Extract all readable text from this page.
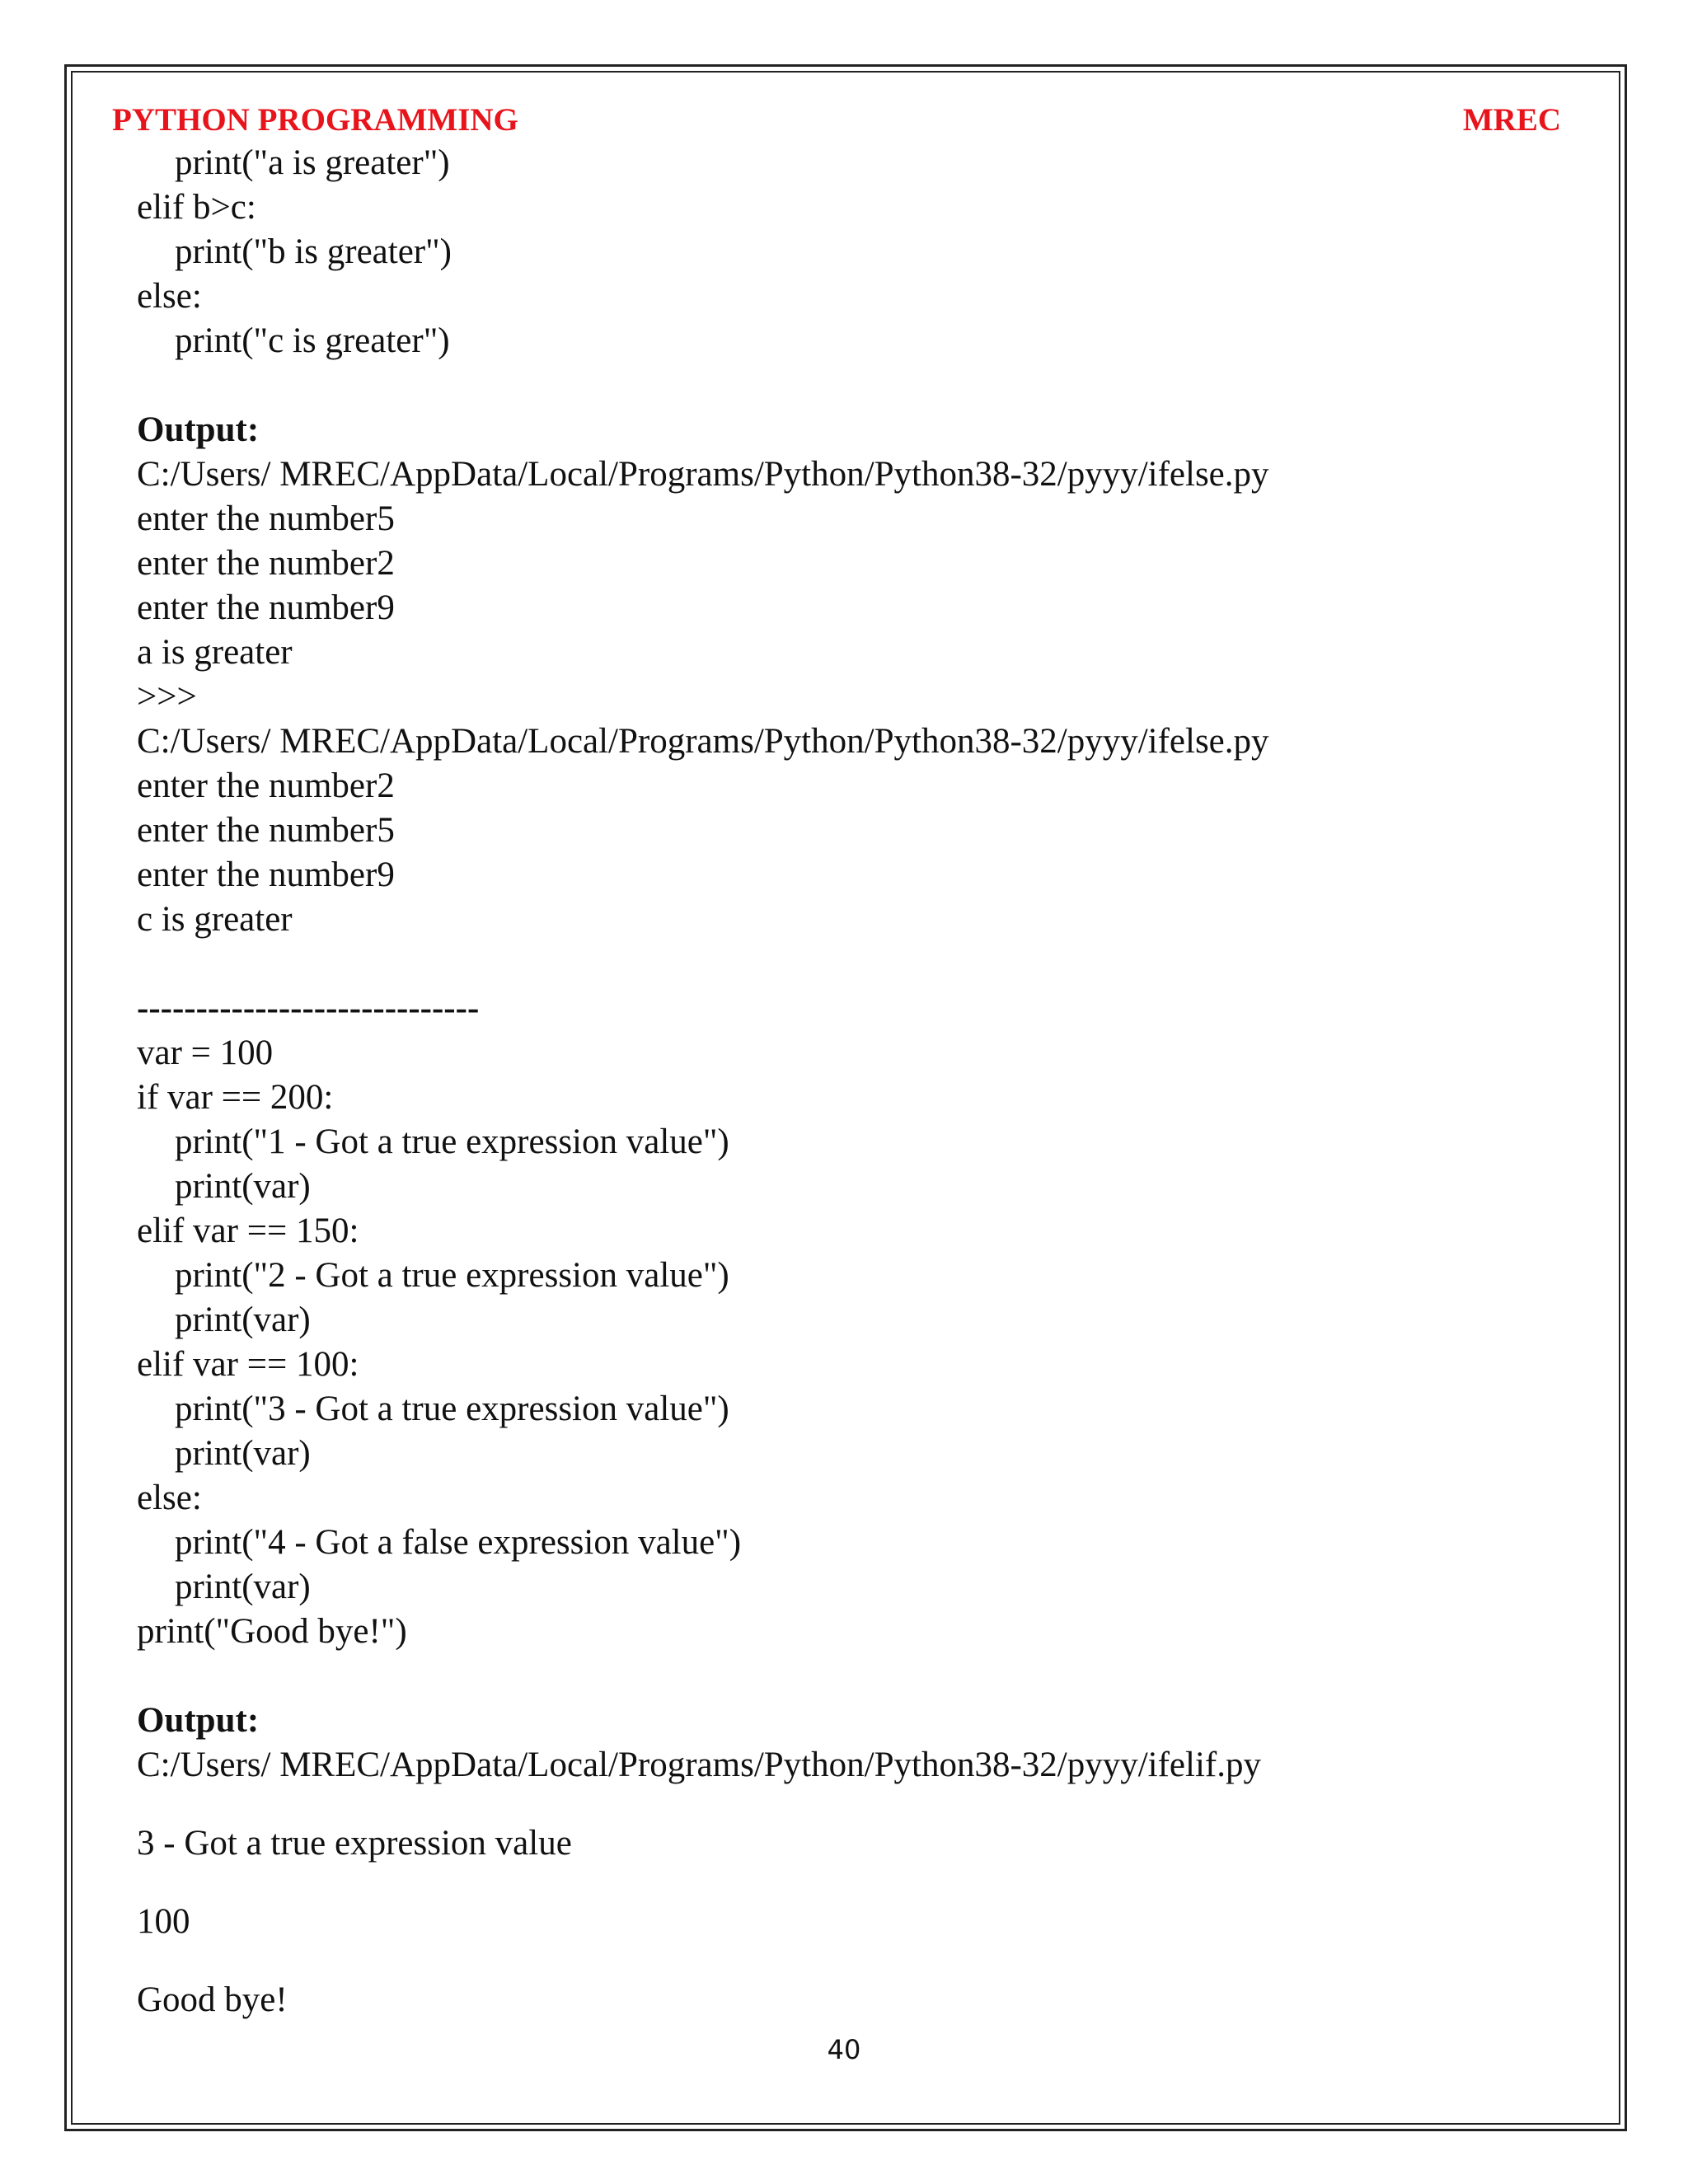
PYTHON PROGRAMMING	MREC
print("a is greater")
elif b>c:
print("b is greater")
else:
print("c is greater")
Output:
C:/Users/ MREC/AppData/Local/Programs/Python/Python38-32/pyyy/ifelse.py
enter the number5
enter the number2
enter the number9
a is greater
>>>
C:/Users/ MREC/AppData/Local/Programs/Python/Python38-32/pyyy/ifelse.py
enter the number2
enter the number5
enter the number9
c is greater
-----------------------------
var = 100
if var == 200:
print("1 - Got a true expression value")
print(var)
elif var == 150:
print("2 - Got a true expression value")
print(var)
elif var == 100:
print("3 - Got a true expression value")
print(var)
else:
print("4 - Got a false expression value")
print(var)
print("Good bye!")
Output:
C:/Users/ MREC/AppData/Local/Programs/Python/Python38-32/pyyy/ifelif.py
3 - Got a true expression value
100
Good bye!
40
